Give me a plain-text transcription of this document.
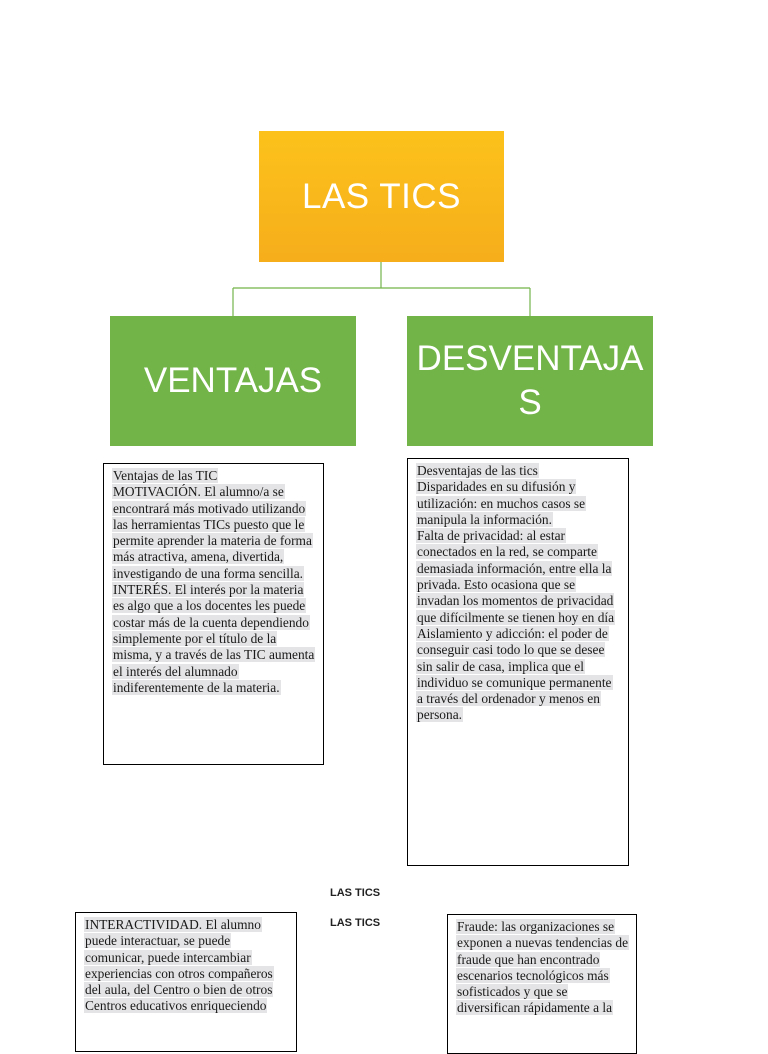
LAS TICS
VENTAJAS
DESVENTAJAS

Ventajas de las TIC

MOTIVACIÓN. El alumno/a se encontrará más motivado utilizando las herramientas TICs puesto que le permite aprender la materia de forma más atractiva, amena, divertida, investigando de una forma sencilla.

INTERÉS. El interés por la materia es algo que a los docentes les puede costar más de la cuenta dependiendo simplemente por el título de la misma, y a través de las TIC aumenta el interés del alumnado indiferentemente de la materia.

Desventajas de las tics

Disparidades en su difusión y utilización: en muchos casos se manipula la información.

Falta de privacidad: al estar conectados en la red, se comparte demasiada información, entre ella la privada. Esto ocasiona que se invadan los momentos de privacidad que difícilmente se tienen hoy en día

Aislamiento y adicción: el poder de conseguir casi todo lo que se desee sin salir de casa, implica que el individuo se comunique permanente a través del ordenador y menos en persona.

LAS TICS
LAS TICS

INTERACTIVIDAD. El alumno puede interactuar, se puede comunicar, puede intercambiar experiencias con otros compañeros del aula, del Centro o bien de otros Centros educativos enriqueciendo

Fraude: las organizaciones se exponen a nuevas tendencias de fraude que han encontrado escenarios tecnológicos más sofisticados y que se diversifican rápidamente a la
